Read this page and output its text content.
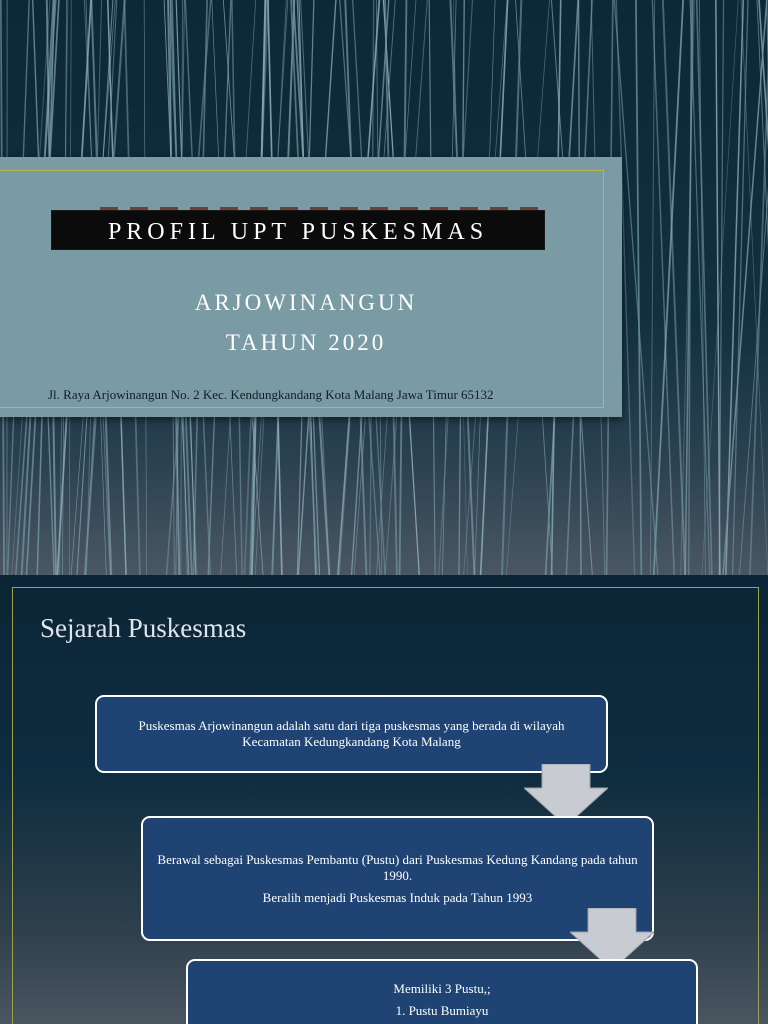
PROFIL UPT PUSKESMAS
ARJOWINANGUN
TAHUN 2020
Jl. Raya Arjowinangun No. 2 Kec. Kendungkandang Kota Malang Jawa Timur 65132
Sejarah Puskesmas

Puskesmas Arjowinangun adalah satu dari tiga puskesmas yang berada di wilayah Kecamatan Kedungkandang Kota Malang

Berawal sebagai Puskesmas Pembantu (Pustu) dari Puskesmas Kedung Kandang pada tahun 1990.

Beralih menjadi Puskesmas Induk pada Tahun 1993

Memiliki 3 Pustu,;

1. Pustu Bumiayu
